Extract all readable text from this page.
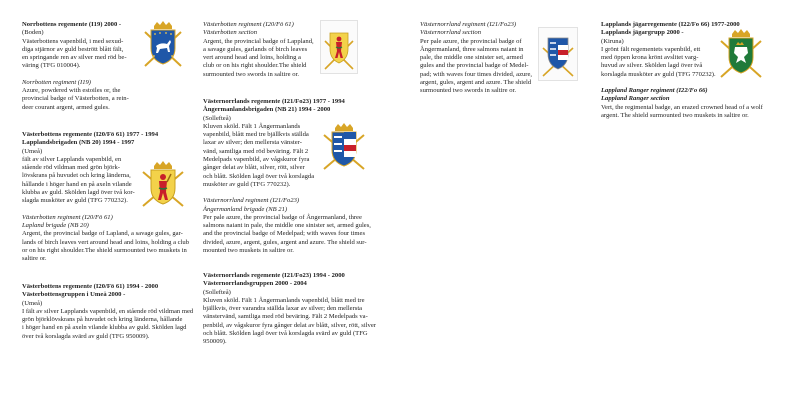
Norrbottens regemente (I19) 2000 -

(Boden)

Västerbottens vapenbild, i med sexud-

diga stjärnor av guld bestrött blått fält,

en springande ren av silver med röd be-

väring (TFG 010004).

Norrbotten regiment (I19)

Azure, powdered with estoiles or, the

provincial badge of Västerbotten, a rein-

deer courant argent, armed gules.

Västerbottens regemente (I20/Fö 61) 1977 - 1994

Lapplandsbrigaden (NB 20) 1994 - 1997

(Umeå)

fält av silver Lapplands vapenbild, en

stående röd vildman med grön björk-

lövskrans på huvudet och kring länderna,

hållande i höger hand en på axeln vilande

klubba av guld. Skölden lagd över två kor-

slagda musköter av guld (TFG 770232).

Västerbotten regiment (I20/Fö 61)

Lapland brigade (NB 20)

Argent, the provincial badge of Lapland, a savage gules, gar-

lands of birch leaves vert around head and loins, holding a club

or on his right shoulder.The shield surmounted two muskets in

saltire or.

Västerbottens regemente (I20/Fö 61) 1994 - 2000

Västerbottensgruppen i Umeå 2000 -

(Umeå)

I fält av silver Lapplands vapenbild, en stående röd vildman med

grön björklövskrans på huvudet och kring länderna, hållande

i höger hand en på axeln vilande klubba av guld. Skölden lagd

över två korslagda svärd av guld (TFG 950009).

Västerbotten regiment (I20/Fö 61)

Västerbotten section

Argent, the provincial badge of Lappland,

a savage gules, garlands of birch leaves

vert around head and loins, holding a

club or on his right shoulder.The shield

surmounted two swords in saltire or.

Västernorrlands regemente (I21/Fo23) 1977 - 1994

Ångermanlandsbrigaden (NB 21) 1994 - 2000

(Sollefteå)

Kluven sköld. Fält 1 Ångermanlands

vapenbild, blått med tre bjällkvis ställda

laxar av silver; den mellersta vänster-

vänd, samtliga med röd beväring. Fält 2

Medelpads vapenbild, av vågskuror fyra

gånger delat av blått, silver, rött, silver

och blått. Skölden lagd över två korslagda

musköter av guld (TFG 770232).

Västernorrland regiment (I21/Fo23)

Ångermanland brigade (NB 21)

Per pale azure, the provincial badge of Ångermanland, three

salmons naiant in pale, the middle one sinister set, armed gules,

and the provincial badge of Medelpad; with waves four times

divided, azure, argent, gules, argent and azure. The shield sur-

mounted two muskets in saltire or.

Västernorrlands regemente (I21/Fo23) 1994 - 2000

Västernorrlandsgruppen 2000 - 2004

(Sollefteå)

Kluven sköld. Fält 1 Ångermanlands vapenbild, blått med tre

bjällkvis, över varandra ställda laxar av silver; den mellersta

vänstervänd, samtliga med röd beväring. Fält 2 Medelpads va-

penbild, av vågskuror fyra gånger delat av blått, silver, rött, silver

och blått. Skölden lagd över två korslagda svärd av guld (TFG

950009).

Västernorrland regiment (I21/Fo23)

Västernorrland section

Per pale azure, the provincial badge of

Ångermanland, three salmons naiant in

pale, the middle one sinister set, armed

gules and the provincial badge of Medel-

pad; with waves four times divided, azure,

argent, gules, argent and azure. The shield

surmounted two swords in saltire or.

Lapplands jägarregemente (I22/Fo 66) 1977-2000

Lapplands jägargrupp 2000 -

(Kiruna)

I grönt fält regementets vapenbild, ett

med öppen krona krönt avslitet varg-

huvud av silver. Skölden lagd över två

korslagda musköter av guld (TFG 770232).

Lappland Ranger regiment (I22/Fo 66)

Lappland Ranger section

Vert, the regimental badge, an erazed crowned head of a wolf

argent. The shield surmounted two muskets in saltire or.
